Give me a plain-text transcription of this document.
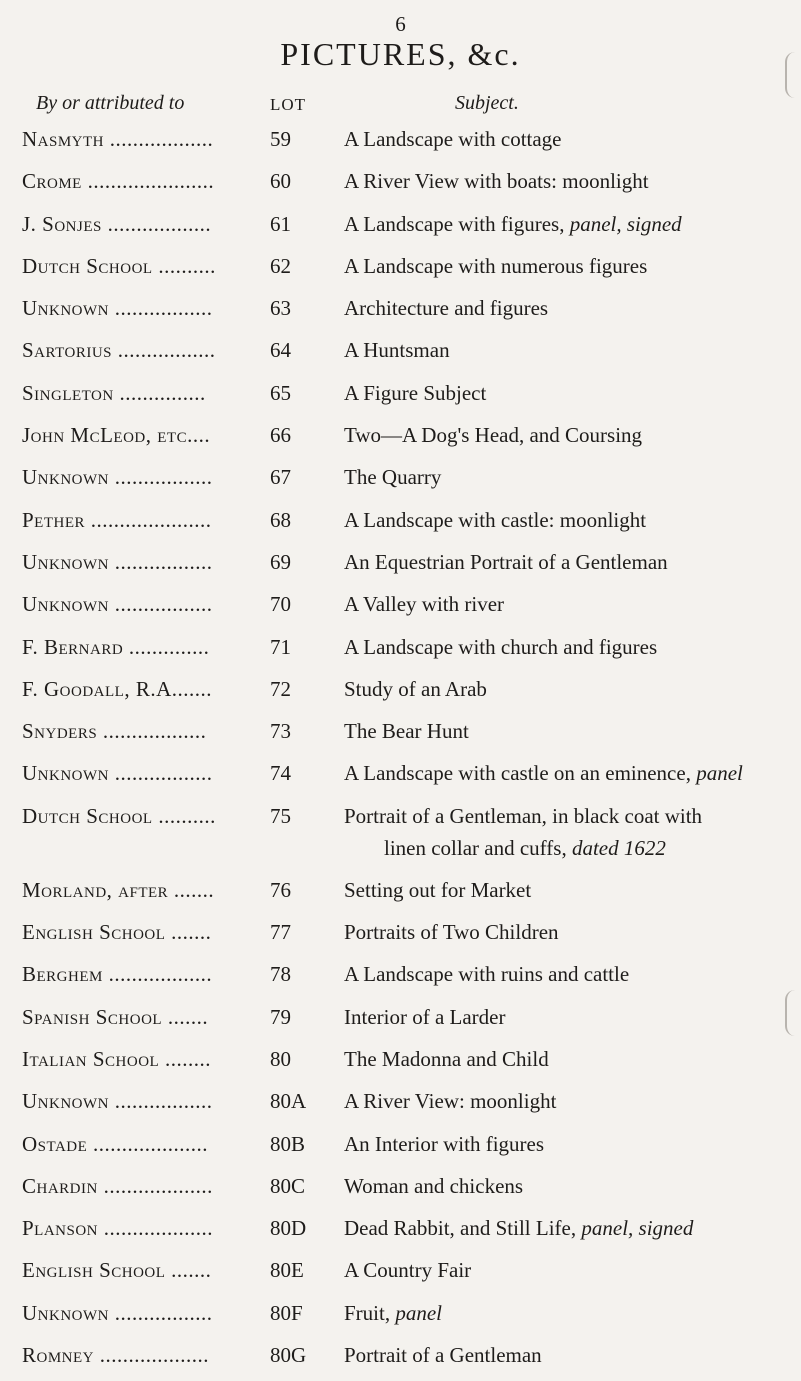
6
PICTURES, &c.
By or attributed to	LOT	Subject.
Nasmyth ..................	59	A Landscape with cottage
Crome ......................	60	A River View with boats: moonlight
J. Sonjes ..................	61	A Landscape with figures, panel, signed
Dutch School ..........	62	A Landscape with numerous figures
Unknown .................	63	Architecture and figures
Sartorius .................	64	A Huntsman
Singleton ...............	65	A Figure Subject
John McLeod, etc....	66	Two—A Dog's Head, and Coursing
Unknown .................	67	The Quarry
Pether .....................	68	A Landscape with castle: moonlight
Unknown .................	69	An Equestrian Portrait of a Gentleman
Unknown .................	70	A Valley with river
F. Bernard ..............	71	A Landscape with church and figures
F. Goodall, R.A.......	72	Study of an Arab
Snyders ..................	73	The Bear Hunt
Unknown .................	74	A Landscape with castle on an eminence, panel
Dutch School ..........	75	Portrait of a Gentleman, in black coat with
linen collar and cuffs, dated 1622
Morland, after .......	76	Setting out for Market
English School .......	77	Portraits of Two Children
Berghem ..................	78	A Landscape with ruins and cattle
Spanish School .......	79	Interior of a Larder
Italian School ........	80	The Madonna and Child
Unknown .................	80A	A River View: moonlight
Ostade ....................	80B	An Interior with figures
Chardin ...................	80C	Woman and chickens
Planson ...................	80D	Dead Rabbit, and Still Life, panel, signed
English School .......	80E	A Country Fair
Unknown .................	80F	Fruit, panel
Romney ...................	80G	Portrait of a Gentleman
